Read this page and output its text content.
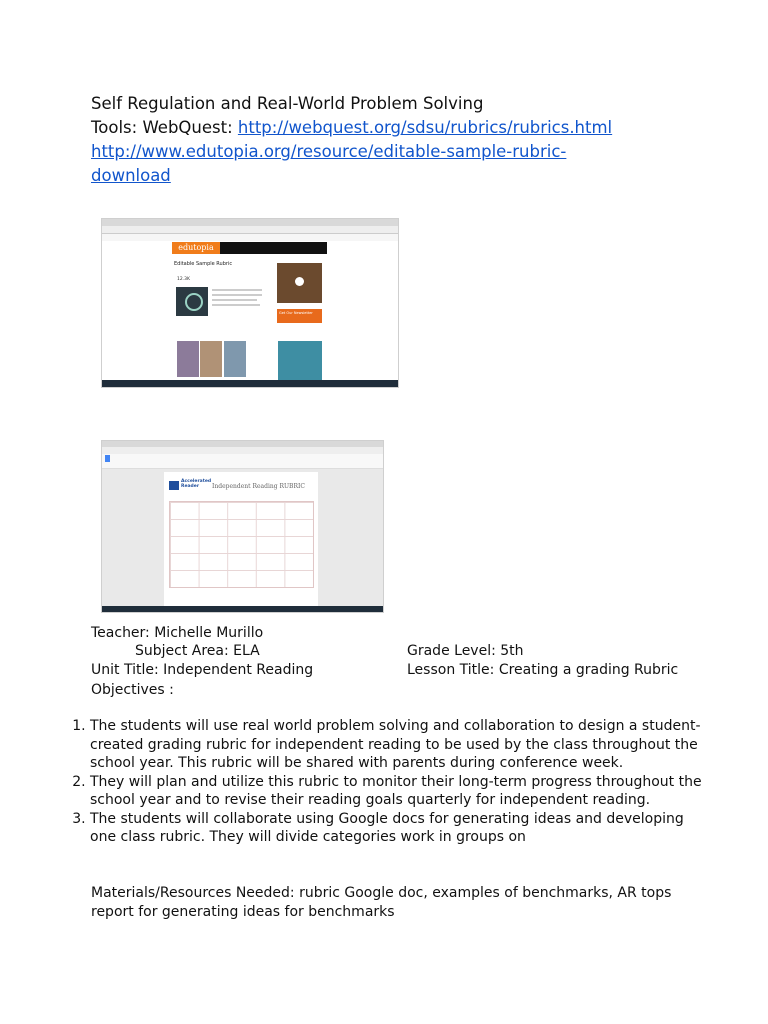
Self Regulation and Real-World Problem Solving
Tools: WebQuest: http://webquest.org/sdsu/rubrics/rubrics.html
http://www.edutopia.org/resource/editable-sample-rubric-
download
edutopia
Editable Sample Rubric
12.3K
Get Our Newsletter
Accelerated
Reader Independent Reading RUBRIC
Teacher: Michelle Murillo
Subject Area: ELA	Grade Level: 5th
Unit Title: Independent Reading	Lesson Title: Creating a grading Rubric
Objectives :
1. The students will use real world problem solving and collaboration to design a student-created grading rubric for independent reading to be used by the class throughout the school year. This rubric will be shared with parents during conference week.
2. They will plan and utilize this rubric to monitor their long-term progress throughout the school year and to revise their reading goals quarterly for independent reading.
3. The students will collaborate using Google docs for generating ideas and developing one class rubric. They will divide categories work in groups on
Materials/Resources Needed: rubric Google doc, examples of benchmarks, AR tops
report for generating ideas for benchmarks
